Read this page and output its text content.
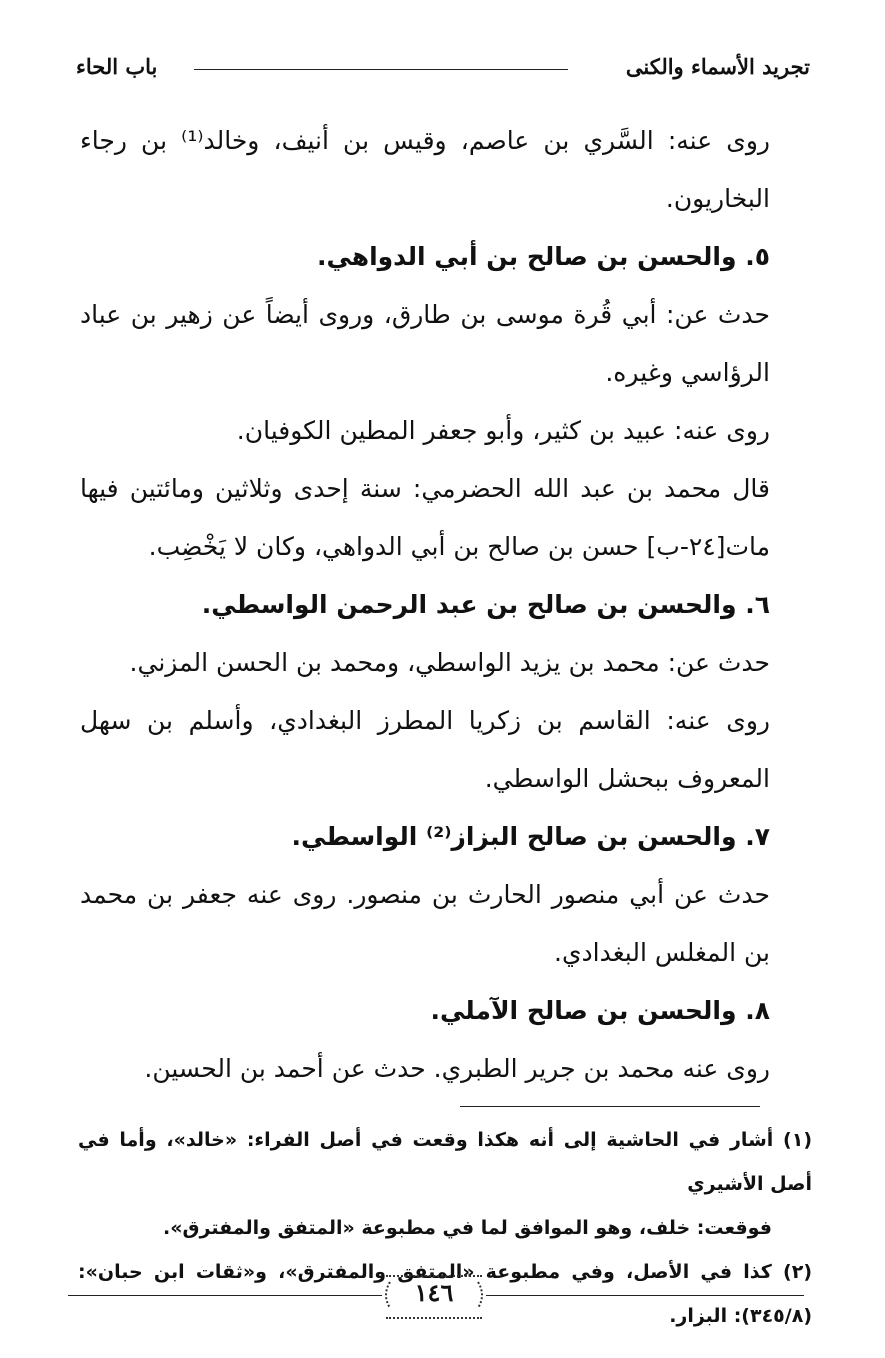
تجريد الأسماء والكنى
باب الحاء

روى عنه: السَّري بن عاصم، وقيس بن أنيف، وخالد⁽¹⁾ بن رجاء البخاريون.

٥. والحسن بن صالح بن أبي الدواهي.

حدث عن: أبي قُرة موسى بن طارق، وروى أيضاً عن زهير بن عباد الرؤاسي وغيره.

روى عنه: عبيد بن كثير، وأبو جعفر المطين الكوفيان.

قال محمد بن عبد الله الحضرمي: سنة إحدى وثلاثين ومائتين فيها مات[٢٤-ب] حسن بن صالح بن أبي الدواهي، وكان لا يَخْضِب.

٦. والحسن بن صالح بن عبد الرحمن الواسطي.

حدث عن: محمد بن يزيد الواسطي، ومحمد بن الحسن المزني.

روى عنه: القاسم بن زكريا المطرز البغدادي، وأسلم بن سهل المعروف ببحشل الواسطي.

٧. والحسن بن صالح البزاز⁽²⁾ الواسطي.

حدث عن أبي منصور الحارث بن منصور. روى عنه جعفر بن محمد بن المغلس البغدادي.

٨. والحسن بن صالح الآملي.

روى عنه محمد بن جرير الطبري. حدث عن أحمد بن الحسين.

(١) أشار في الحاشية إلى أنه هكذا وقعت في أصل الفراء: «خالد»، وأما في أصل الأشيري

فوقعت: خلف، وهو الموافق لما في مطبوعة «المتفق والمفترق».

(٢) كذا في الأصل، وفي مطبوعة «المتفق والمفترق»، و«ثقات ابن حبان»: (٣٤٥/٨): البزار.

١٤٦
